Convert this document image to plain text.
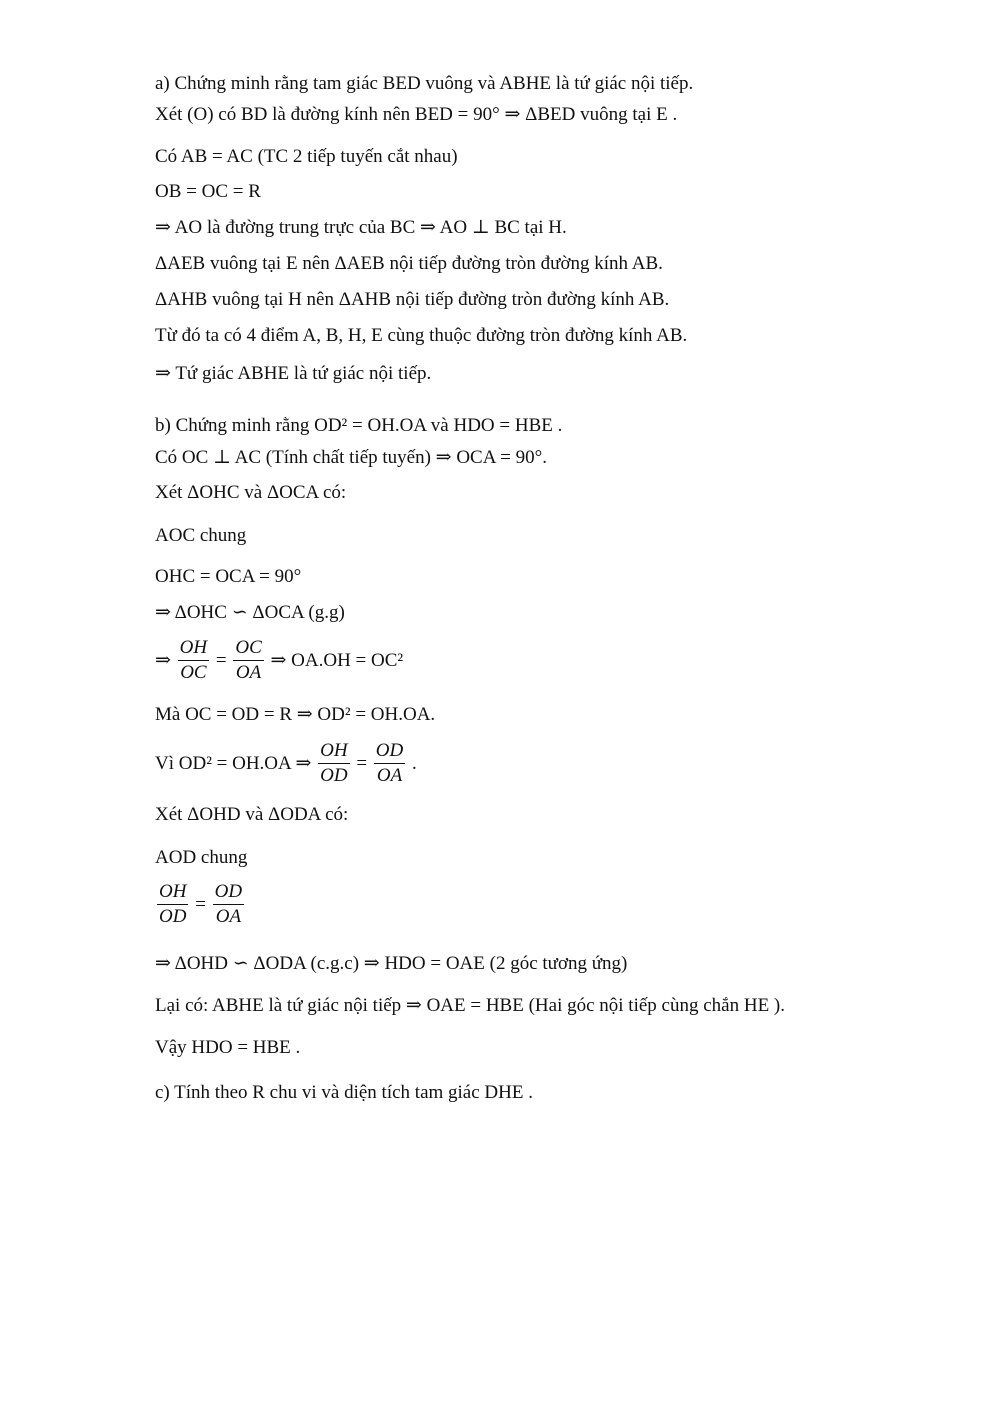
a) Chứng minh rằng tam giác BED vuông và ABHE là tứ giác nội tiếp.
Xét (O) có BD là đường kính nên BED = 90° ⇒ ΔBED vuông tại E .
Có AB = AC (TC 2 tiếp tuyến cắt nhau)
OB = OC = R
⇒ AO là đường trung trực của BC ⇒ AO ⊥ BC tại H.
ΔAEB vuông tại E nên ΔAEB nội tiếp đường tròn đường kính AB.
ΔAHB vuông tại H nên ΔAHB nội tiếp đường tròn đường kính AB.
Từ đó ta có 4 điểm A, B, H, E cùng thuộc đường tròn đường kính AB.
⇒ Tứ giác ABHE là tứ giác nội tiếp.
b) Chứng minh rằng OD² = OH.OA và HDO = HBE .
Có OC ⊥ AC (Tính chất tiếp tuyến) ⇒ OCA = 90°.
Xét ΔOHC và ΔOCA có:
AOC chung
OHC = OCA = 90°
⇒ ΔOHC ∽ ΔOCA (g.g)
⇒ $\frac{OH}{OC} = \frac{OC}{OA}$ ⇒ OA.OH = OC²
Mà OC = OD = R ⇒ OD² = OH.OA.
Vì OD² = OH.OA ⇒ $\frac{OH}{OD} = \frac{OD}{OA}$ .
Xét ΔOHD và ΔODA có:
AOD chung
$\frac{OH}{OD} = \frac{OD}{OA}$
⇒ ΔOHD ∽ ΔODA (c.g.c) ⇒ HDO = OAE (2 góc tương ứng)
Lại có: ABHE là tứ giác nội tiếp ⇒ OAE = HBE (Hai góc nội tiếp cùng chắn HE ).
Vậy HDO = HBE .
c) Tính theo R chu vi và diện tích tam giác DHE .
